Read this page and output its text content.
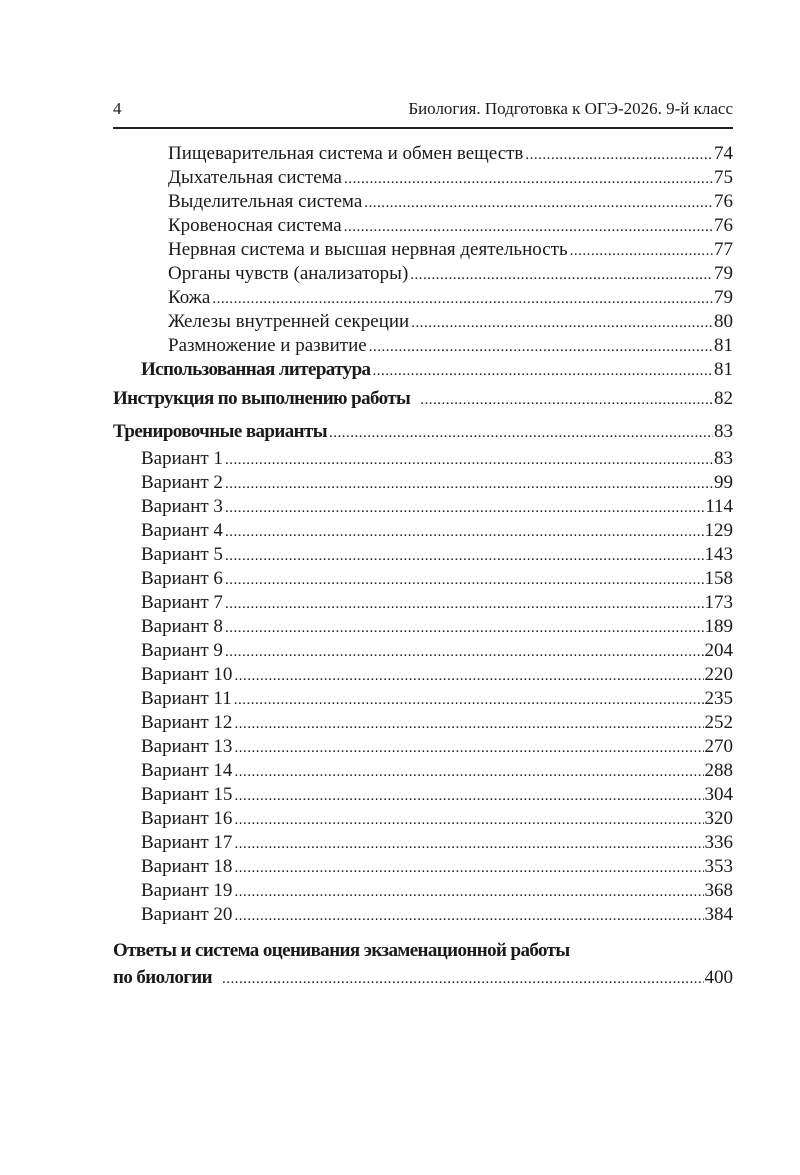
4	Биология. Подготовка к ОГЭ-2026. 9-й класс
Пищеварительная система и обмен веществ .....	74
Дыхательная система .....	75
Выделительная система .....	76
Кровеносная система .....	76
Нервная система и высшая нервная деятельность .....	77
Органы чувств (анализаторы) .....	79
Кожа .....	79
Железы внутренней секреции .....	80
Размножение и развитие .....	81
Использованная литература .....	81
Инструкция по выполнению работы .....	82
Тренировочные варианты .....	83
Вариант 1 .....	83
Вариант 2 .....	99
Вариант 3 .....	114
Вариант 4 .....	129
Вариант 5 .....	143
Вариант 6 .....	158
Вариант 7 .....	173
Вариант 8 .....	189
Вариант 9 .....	204
Вариант 10 .....	220
Вариант 11 .....	235
Вариант 12 .....	252
Вариант 13 .....	270
Вариант 14 .....	288
Вариант 15 .....	304
Вариант 16 .....	320
Вариант 17 .....	336
Вариант 18 .....	353
Вариант 19 .....	368
Вариант 20 .....	384
Ответы и система оценивания экзаменационной работы
по биологии .....	400
